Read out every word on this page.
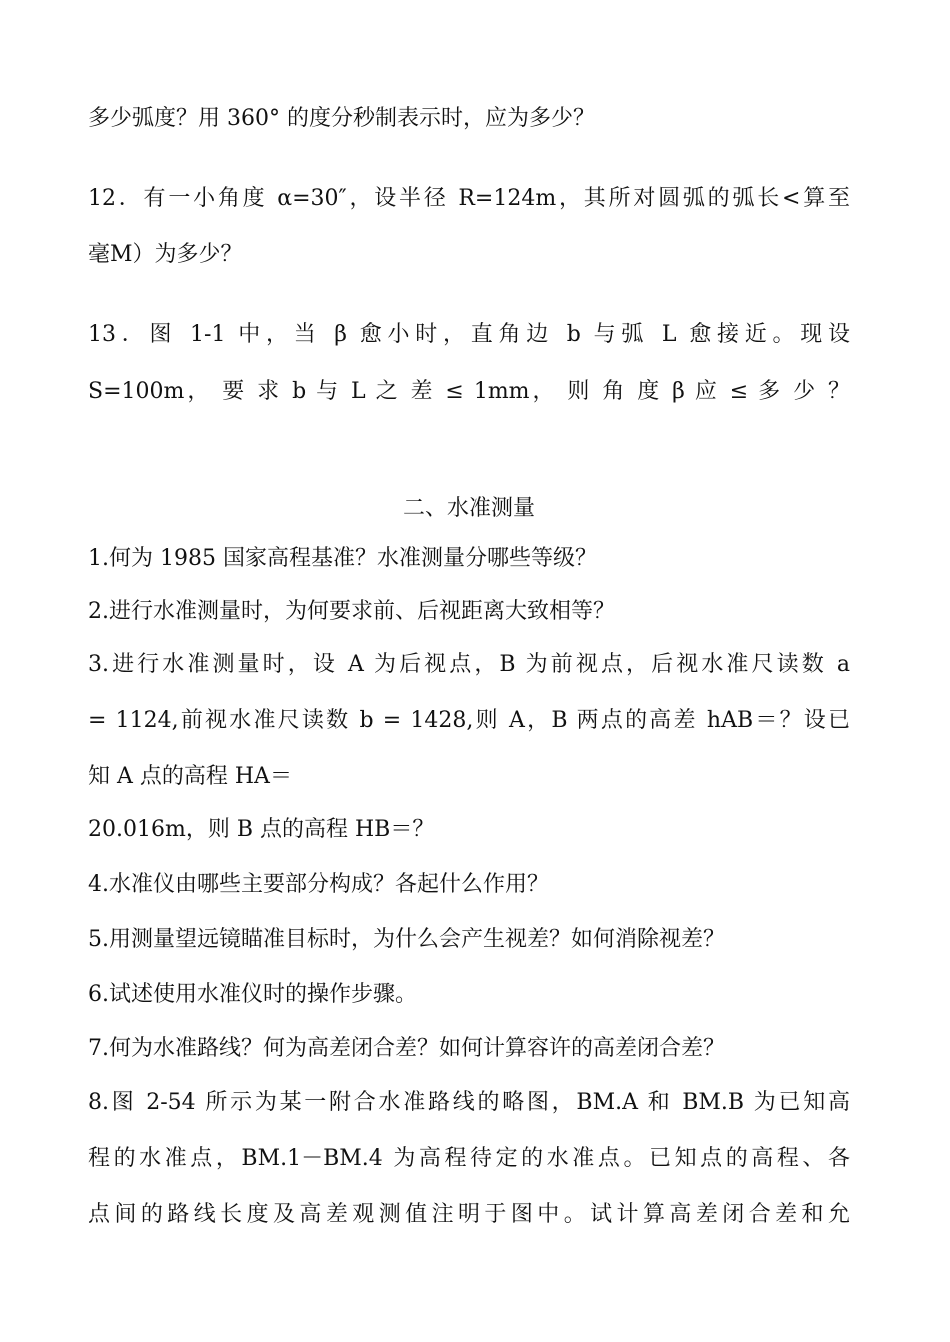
多少弧度？用 360° 的度分秒制表示时，应为多少？
12．有一小角度 α=30″，设半径 R=124m，其所对圆弧的弧长<算至
毫M）为多少？
13．图 1-1 中，当 β 愈小时，直角边 b 与弧 L 愈接近。现设
S=100m， 要 求 b 与 L 之 差 ≤ 1mm， 则 角 度 β 应 ≤ 多 少 ？
二、水准测量
1.何为 1985 国家高程基准？水准测量分哪些等级？
2.进行水准测量时，为何要求前、后视距离大致相等？
3.进行水准测量时，设 A 为后视点，B 为前视点，后视水准尺读数 a
= 1124,前视水准尺读数 b = 1428,则 A，B 两点的高差 hAB＝？设已
知 A 点的高程 HA＝
20.016m，则 B 点的高程 HB＝？
4.水准仪由哪些主要部分构成？各起什么作用？
5.用测量望远镜瞄准目标时，为什么会产生视差？如何消除视差？
6.试述使用水准仪时的操作步骤。
7.何为水准路线？何为高差闭合差？如何计算容许的高差闭合差？
8.图 2-54 所示为某一附合水准路线的略图，BM.A 和 BM.B 为已知高
程的水准点，BM.1－BM.4 为高程待定的水准点。已知点的高程、各
点间的路线长度及高差观测值注明于图中。试计算高差闭合差和允
